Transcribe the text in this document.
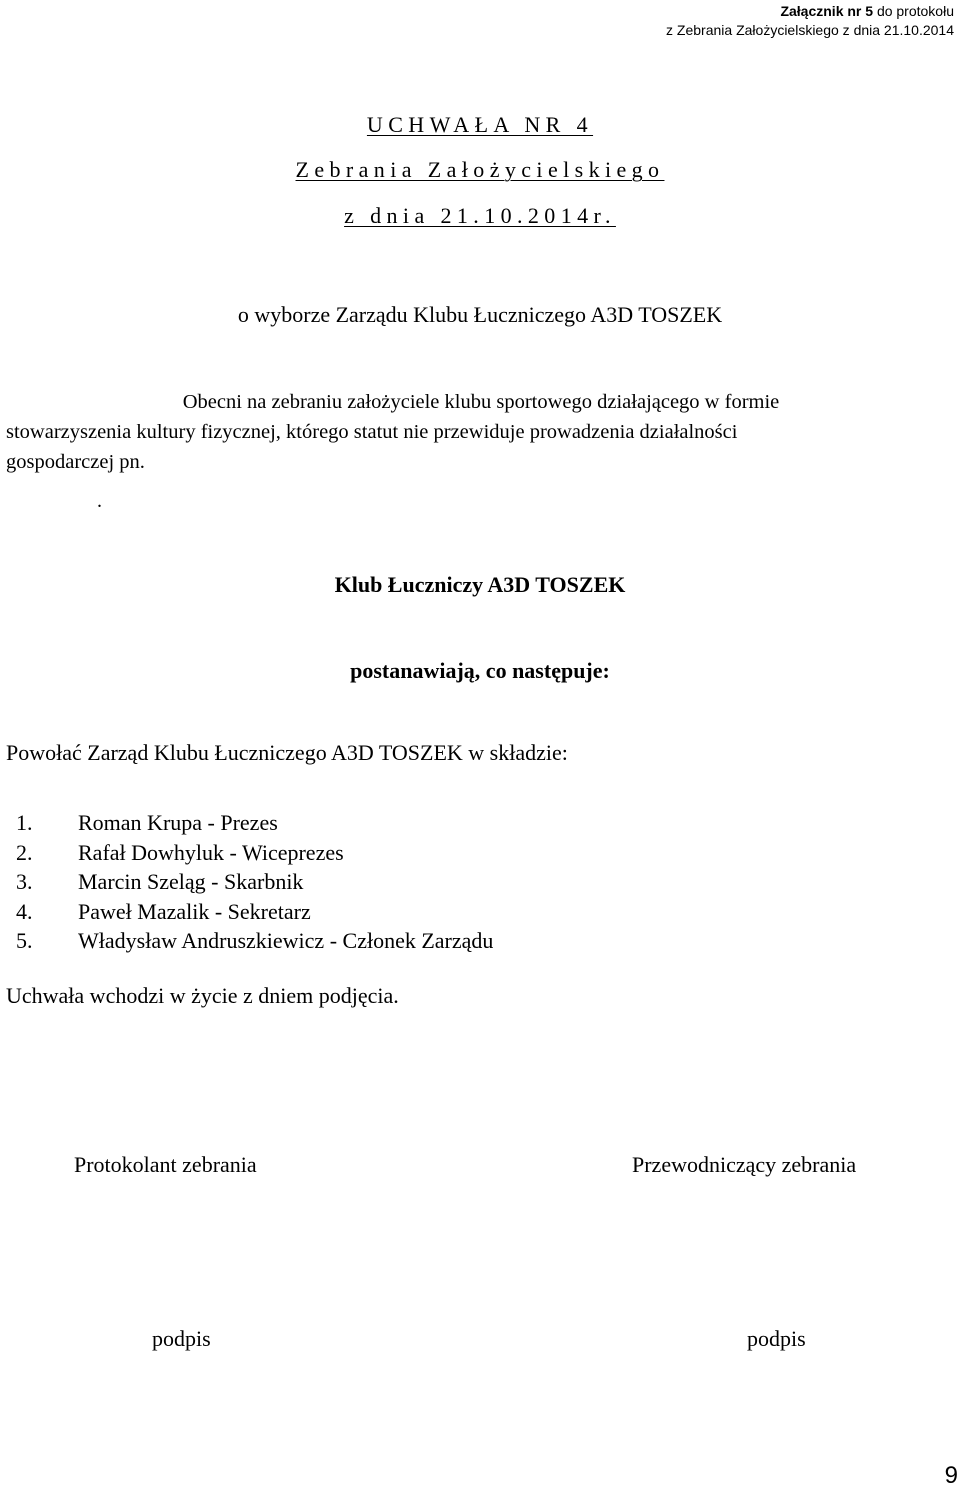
Załącznik nr 5 do protokołu
z Zebrania Założycielskiego z dnia 21.10.2014
UCHWAŁA NR 4
Zebrania Założycielskiego
z dnia 21.10.2014r.
o wyborze Zarządu Klubu Łuczniczego A3D TOSZEK
Obecni na zebraniu założyciele klubu sportowego działającego w formie
stowarzyszenia kultury fizycznej, którego statut nie przewiduje prowadzenia działalności
gospodarczej pn.
.
Klub Łuczniczy A3D TOSZEK
postanawiają, co następuje:
Powołać Zarząd Klubu Łuczniczego A3D TOSZEK w składzie:
1. Roman Krupa - Prezes
2. Rafał Dowhyluk - Wiceprezes
3. Marcin Szeląg - Skarbnik
4. Paweł Mazalik - Sekretarz
5. Władysław Andruszkiewicz - Członek Zarządu
Uchwała wchodzi w życie z dniem podjęcia.
Protokolant zebrania	Przewodniczący zebrania
podpis	podpis
9
